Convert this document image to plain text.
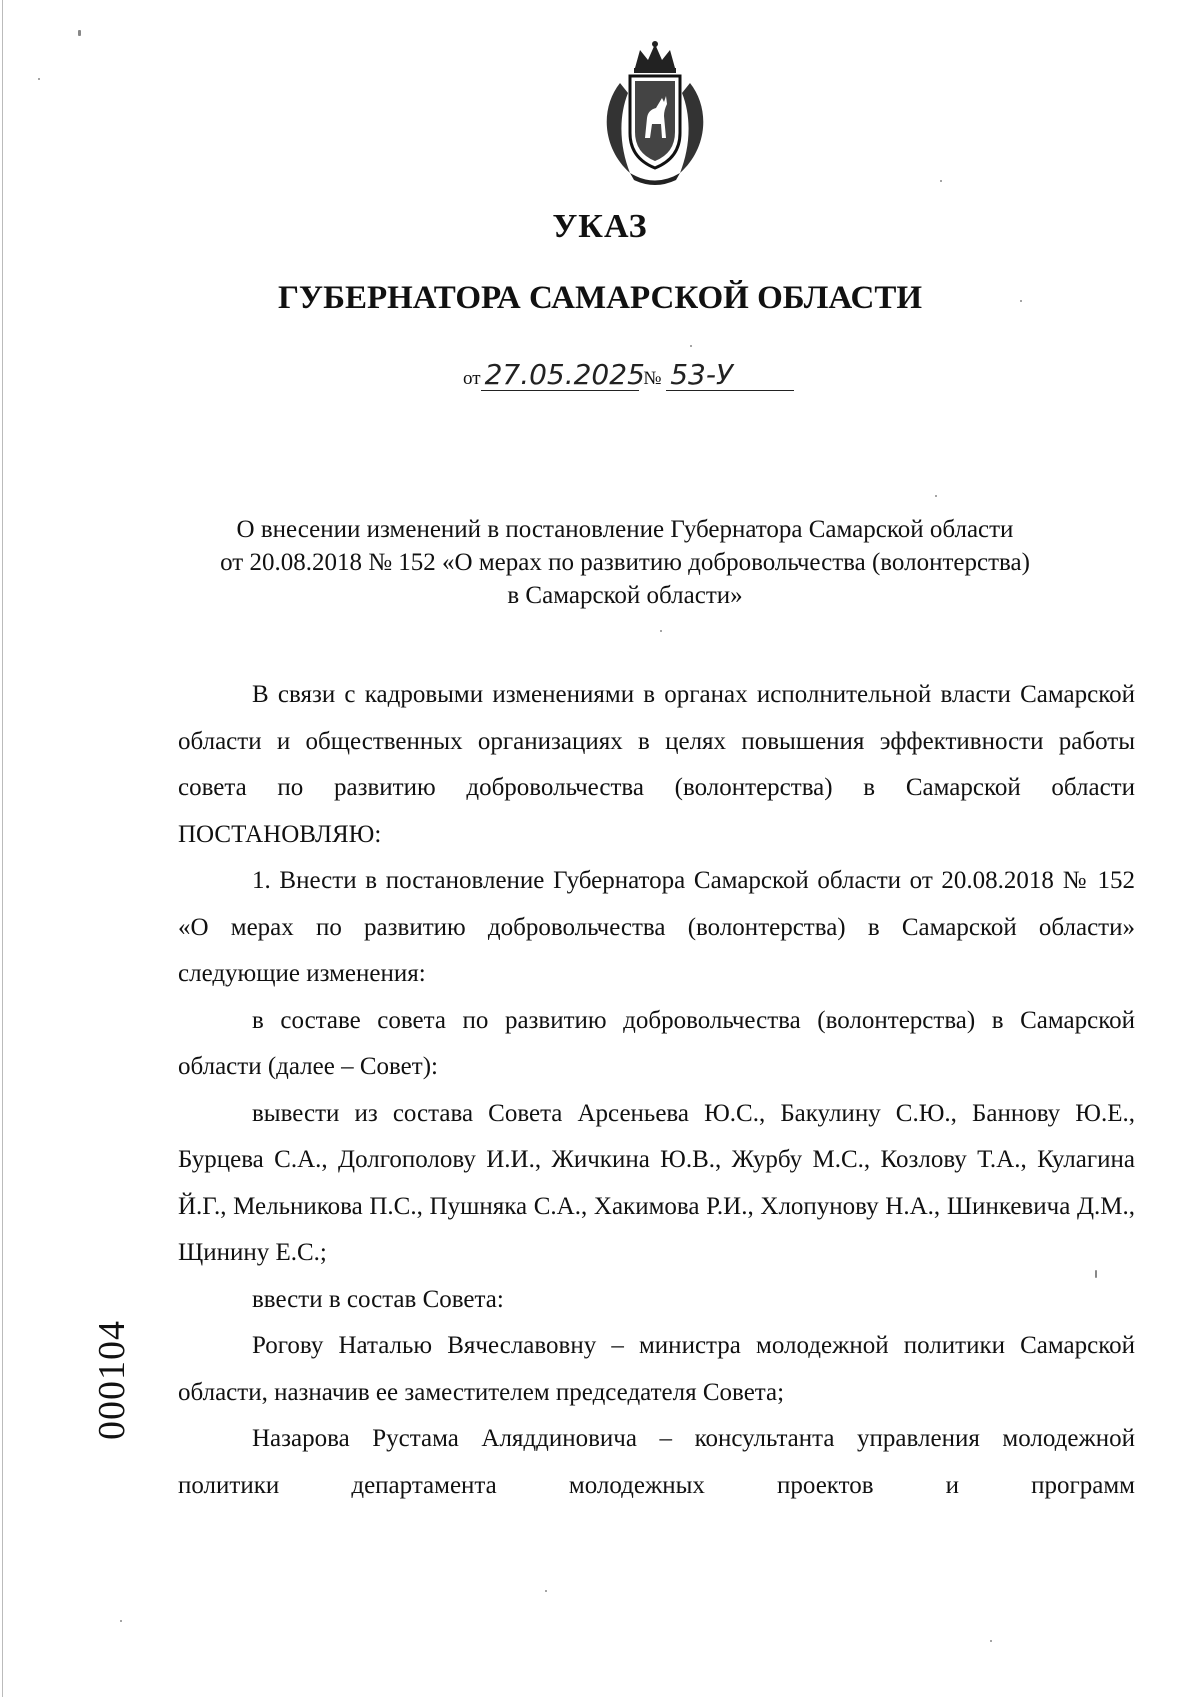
УКАЗ
ГУБЕРНАТОРА САМАРСКОЙ ОБЛАСТИ
от 27.05.2025 № 53-У
О внесении изменений в постановление Губернатора Самарской области
от 20.08.2018 № 152 «О мерах по развитию добровольчества (волонтерства)
в Самарской области»

В связи с кадровыми изменениями в органах исполнительной власти Самарской области и общественных организациях в целях повышения эффективности работы совета по развитию добровольчества (волонтерства) в Самарской области ПОСТАНОВЛЯЮ:

1. Внести в постановление Губернатора Самарской области от 20.08.2018 № 152 «О мерах по развитию добровольчества (волонтерства) в Самарской области» следующие изменения:

в составе совета по развитию добровольчества (волонтерства) в Самарской области (далее – Совет):

вывести из состава Совета Арсеньева Ю.С., Бакулину С.Ю., Баннову Ю.Е., Бурцева С.А., Долгополову И.И., Жичкина Ю.В., Журбу М.С., Козлову Т.А., Кулагина Й.Г., Мельникова П.С., Пушняка С.А., Хакимова Р.И., Хлопунову Н.А., Шинкевича Д.М., Щинину Е.С.;

ввести в состав Совета:

Рогову Наталью Вячеславовну – министра молодежной политики Самарской области, назначив ее заместителем председателя Совета;

Назарова Рустама Аляддиновича – консультанта управления молодежной политики департамента молодежных проектов и программ

000104
